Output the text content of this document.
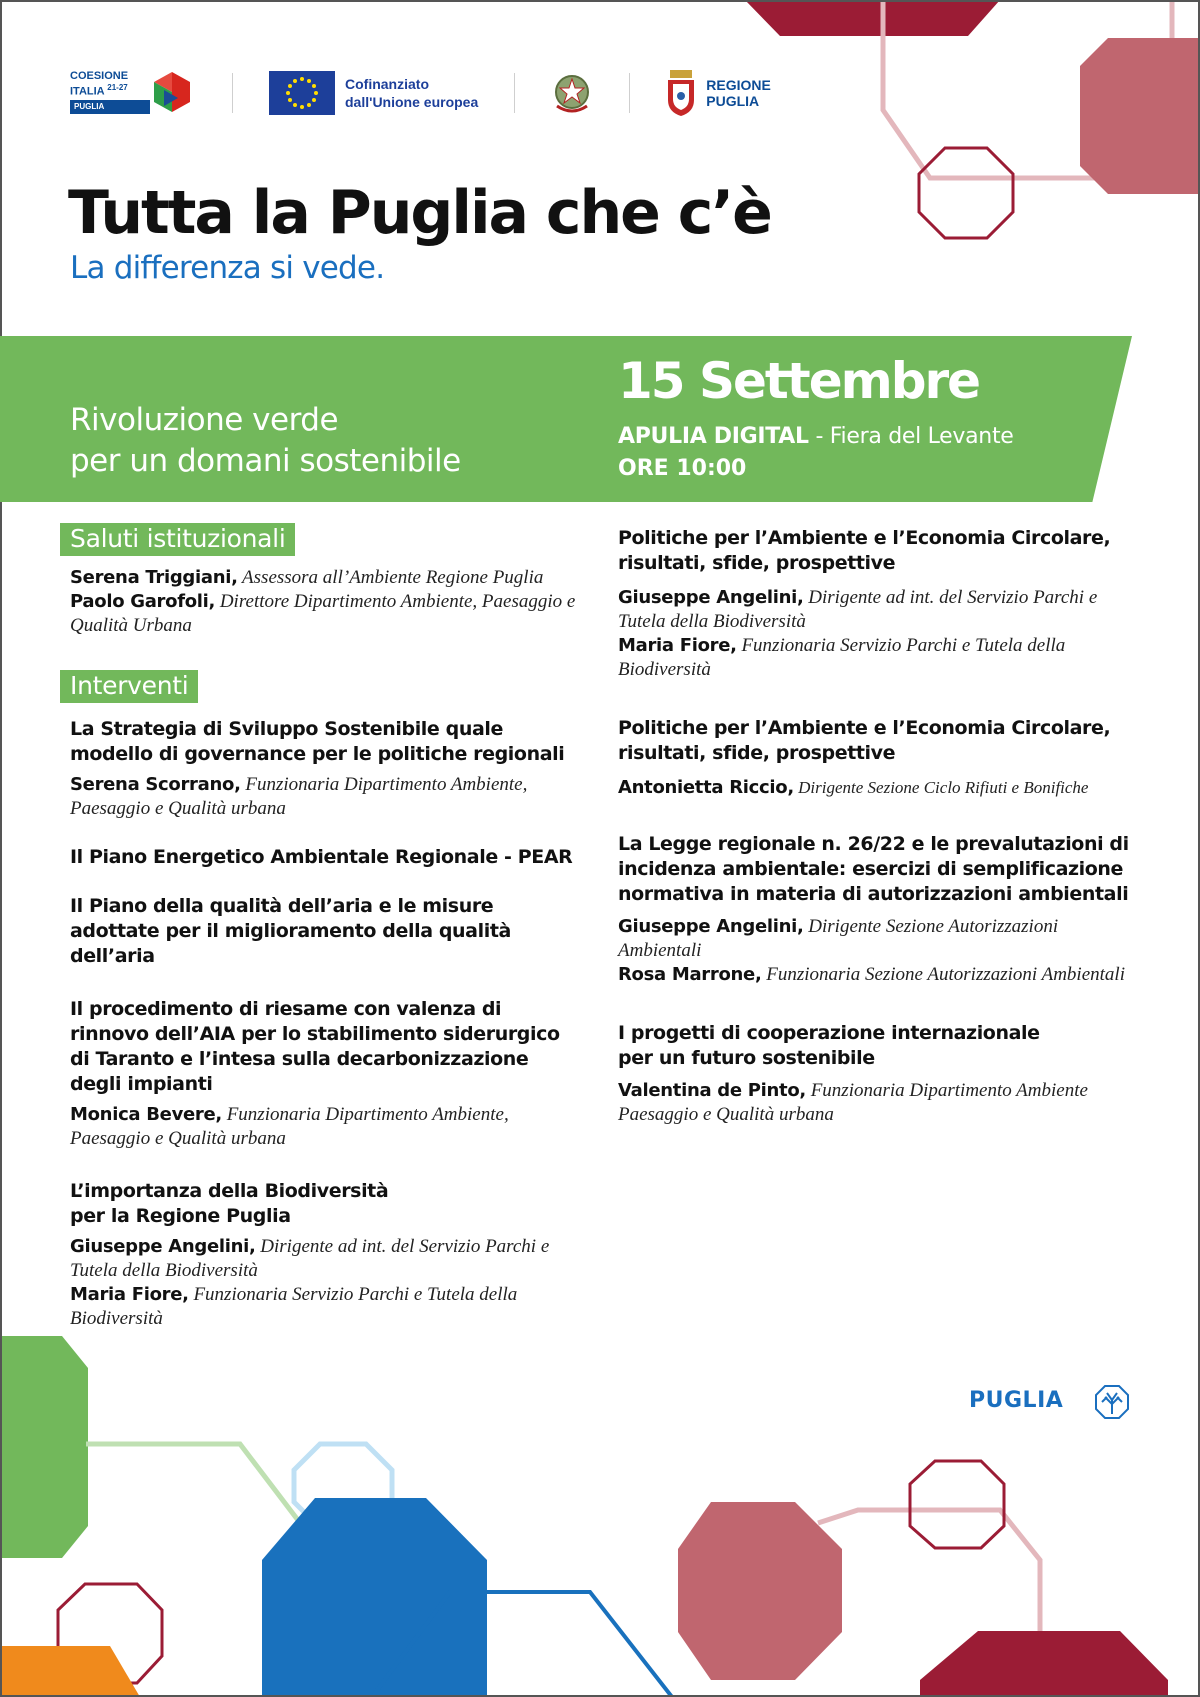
COESIONE
ITALIA $^{21-27}$
PUGLIA
Cofinanziato
dall'Unione europea
REGIONE
PUGLIA
Tutta la Puglia che c’è
La differenza si vede.
Rivoluzione verde
per un domani sostenibile
15 Settembre
APULIA DIGITAL - Fiera del Levante
ORE 10:00
Saluti istituzionali
Serena Triggiani, Assessora all’Ambiente Regione Puglia
Paolo Garofoli, Direttore Dipartimento Ambiente, Paesaggio e Qualità Urbana
Interventi
La Strategia di Sviluppo Sostenibile quale modello di governance per le politiche regionali
Serena Scorrano, Funzionaria Dipartimento Ambiente, Paesaggio e Qualità urbana
Il Piano Energetico Ambientale Regionale - PEAR
Il Piano della qualità dell’aria e le misure adottate per il miglioramento della qualità dell’aria
Il procedimento di riesame con valenza di rinnovo dell’AIA per lo stabilimento siderurgico di Taranto e l’intesa sulla decarbonizzazione degli impianti
Monica Bevere, Funzionaria Dipartimento Ambiente, Paesaggio e Qualità urbana
L’importanza della Biodiversità per la Regione Puglia
Giuseppe Angelini, Dirigente ad int. del Servizio Parchi e Tutela della Biodiversità
Maria Fiore, Funzionaria Servizio Parchi e Tutela della Biodiversità
Politiche per l’Ambiente e l’Economia Circolare, risultati, sfide, prospettive
Giuseppe Angelini, Dirigente ad int. del Servizio Parchi e Tutela della Biodiversità
Maria Fiore, Funzionaria Servizio Parchi e Tutela della Biodiversità
Politiche per l’Ambiente e l’Economia Circolare, risultati, sfide, prospettive
Antonietta Riccio, Dirigente Sezione Ciclo Rifiuti e Bonifiche
La Legge regionale n. 26/22 e le prevalutazioni di incidenza ambientale: esercizi di semplificazione normativa in materia di autorizzazioni ambientali
Giuseppe Angelini, Dirigente Sezione Autorizzazioni Ambientali
Rosa Marrone, Funzionaria Sezione Autorizzazioni Ambientali
I progetti di cooperazione internazionale per un futuro sostenibile
Valentina de Pinto, Funzionaria Dipartimento Ambiente Paesaggio e Qualità urbana
PUGLIA
